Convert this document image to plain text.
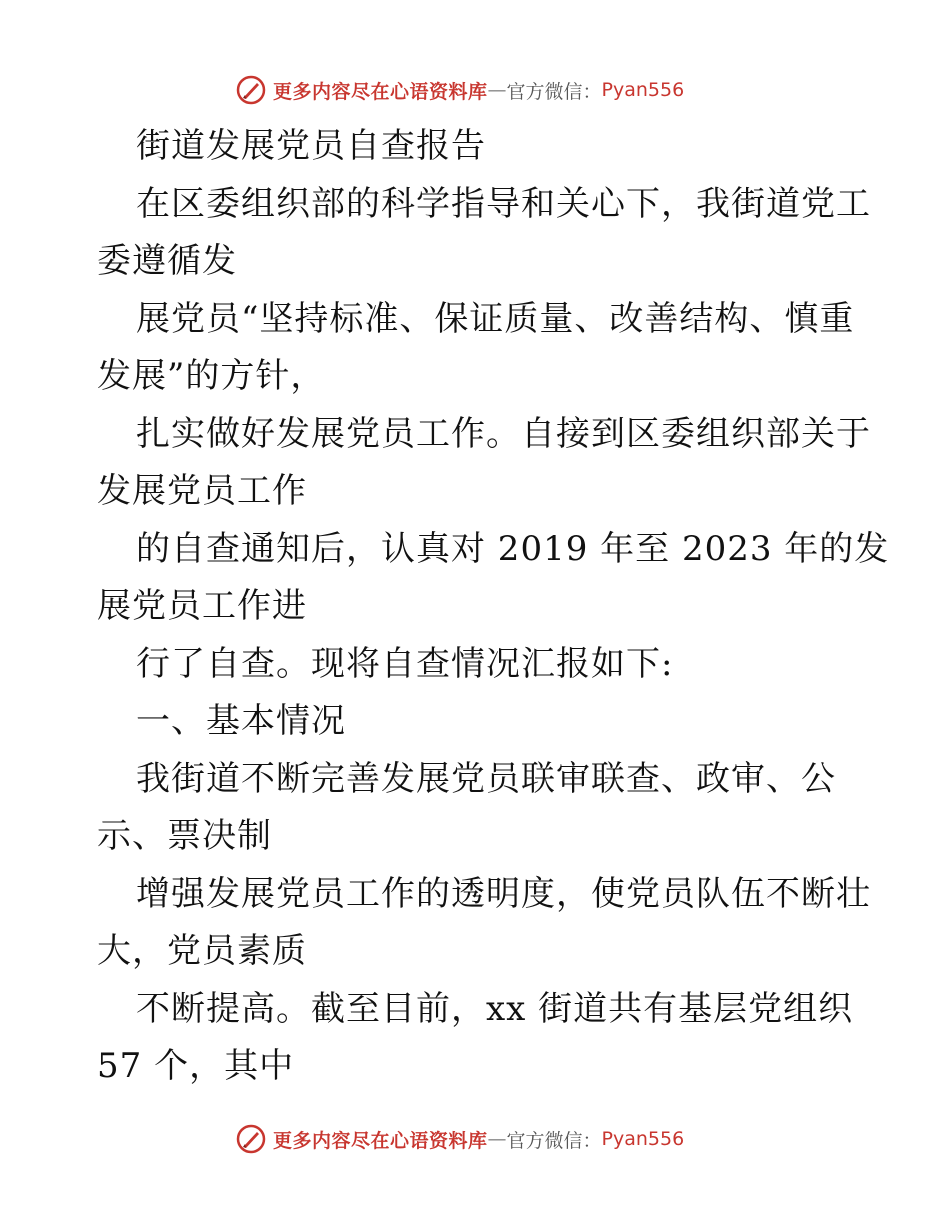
更多内容尽在心语资料库 — 官方微信： Pyan556
街道发展党员自查报告
在区委组织部的科学指导和关心下，我街道党工
委遵循发
展党员“坚持标准、保证质量、改善结构、慎重
发展”的方针，
扎实做好发展党员工作。自接到区委组织部关于
发展党员工作
的自查通知后，认真对 2019 年至 2023 年的发
展党员工作进
行了自查。现将自查情况汇报如下:
一、基本情况
我街道不断完善发展党员联审联查、政审、公
示、票决制
增强发展党员工作的透明度，使党员队伍不断壮
大，党员素质
不断提高。截至目前，xx 街道共有基层党组织
57 个，其中
更多内容尽在心语资料库 — 官方微信： Pyan556
